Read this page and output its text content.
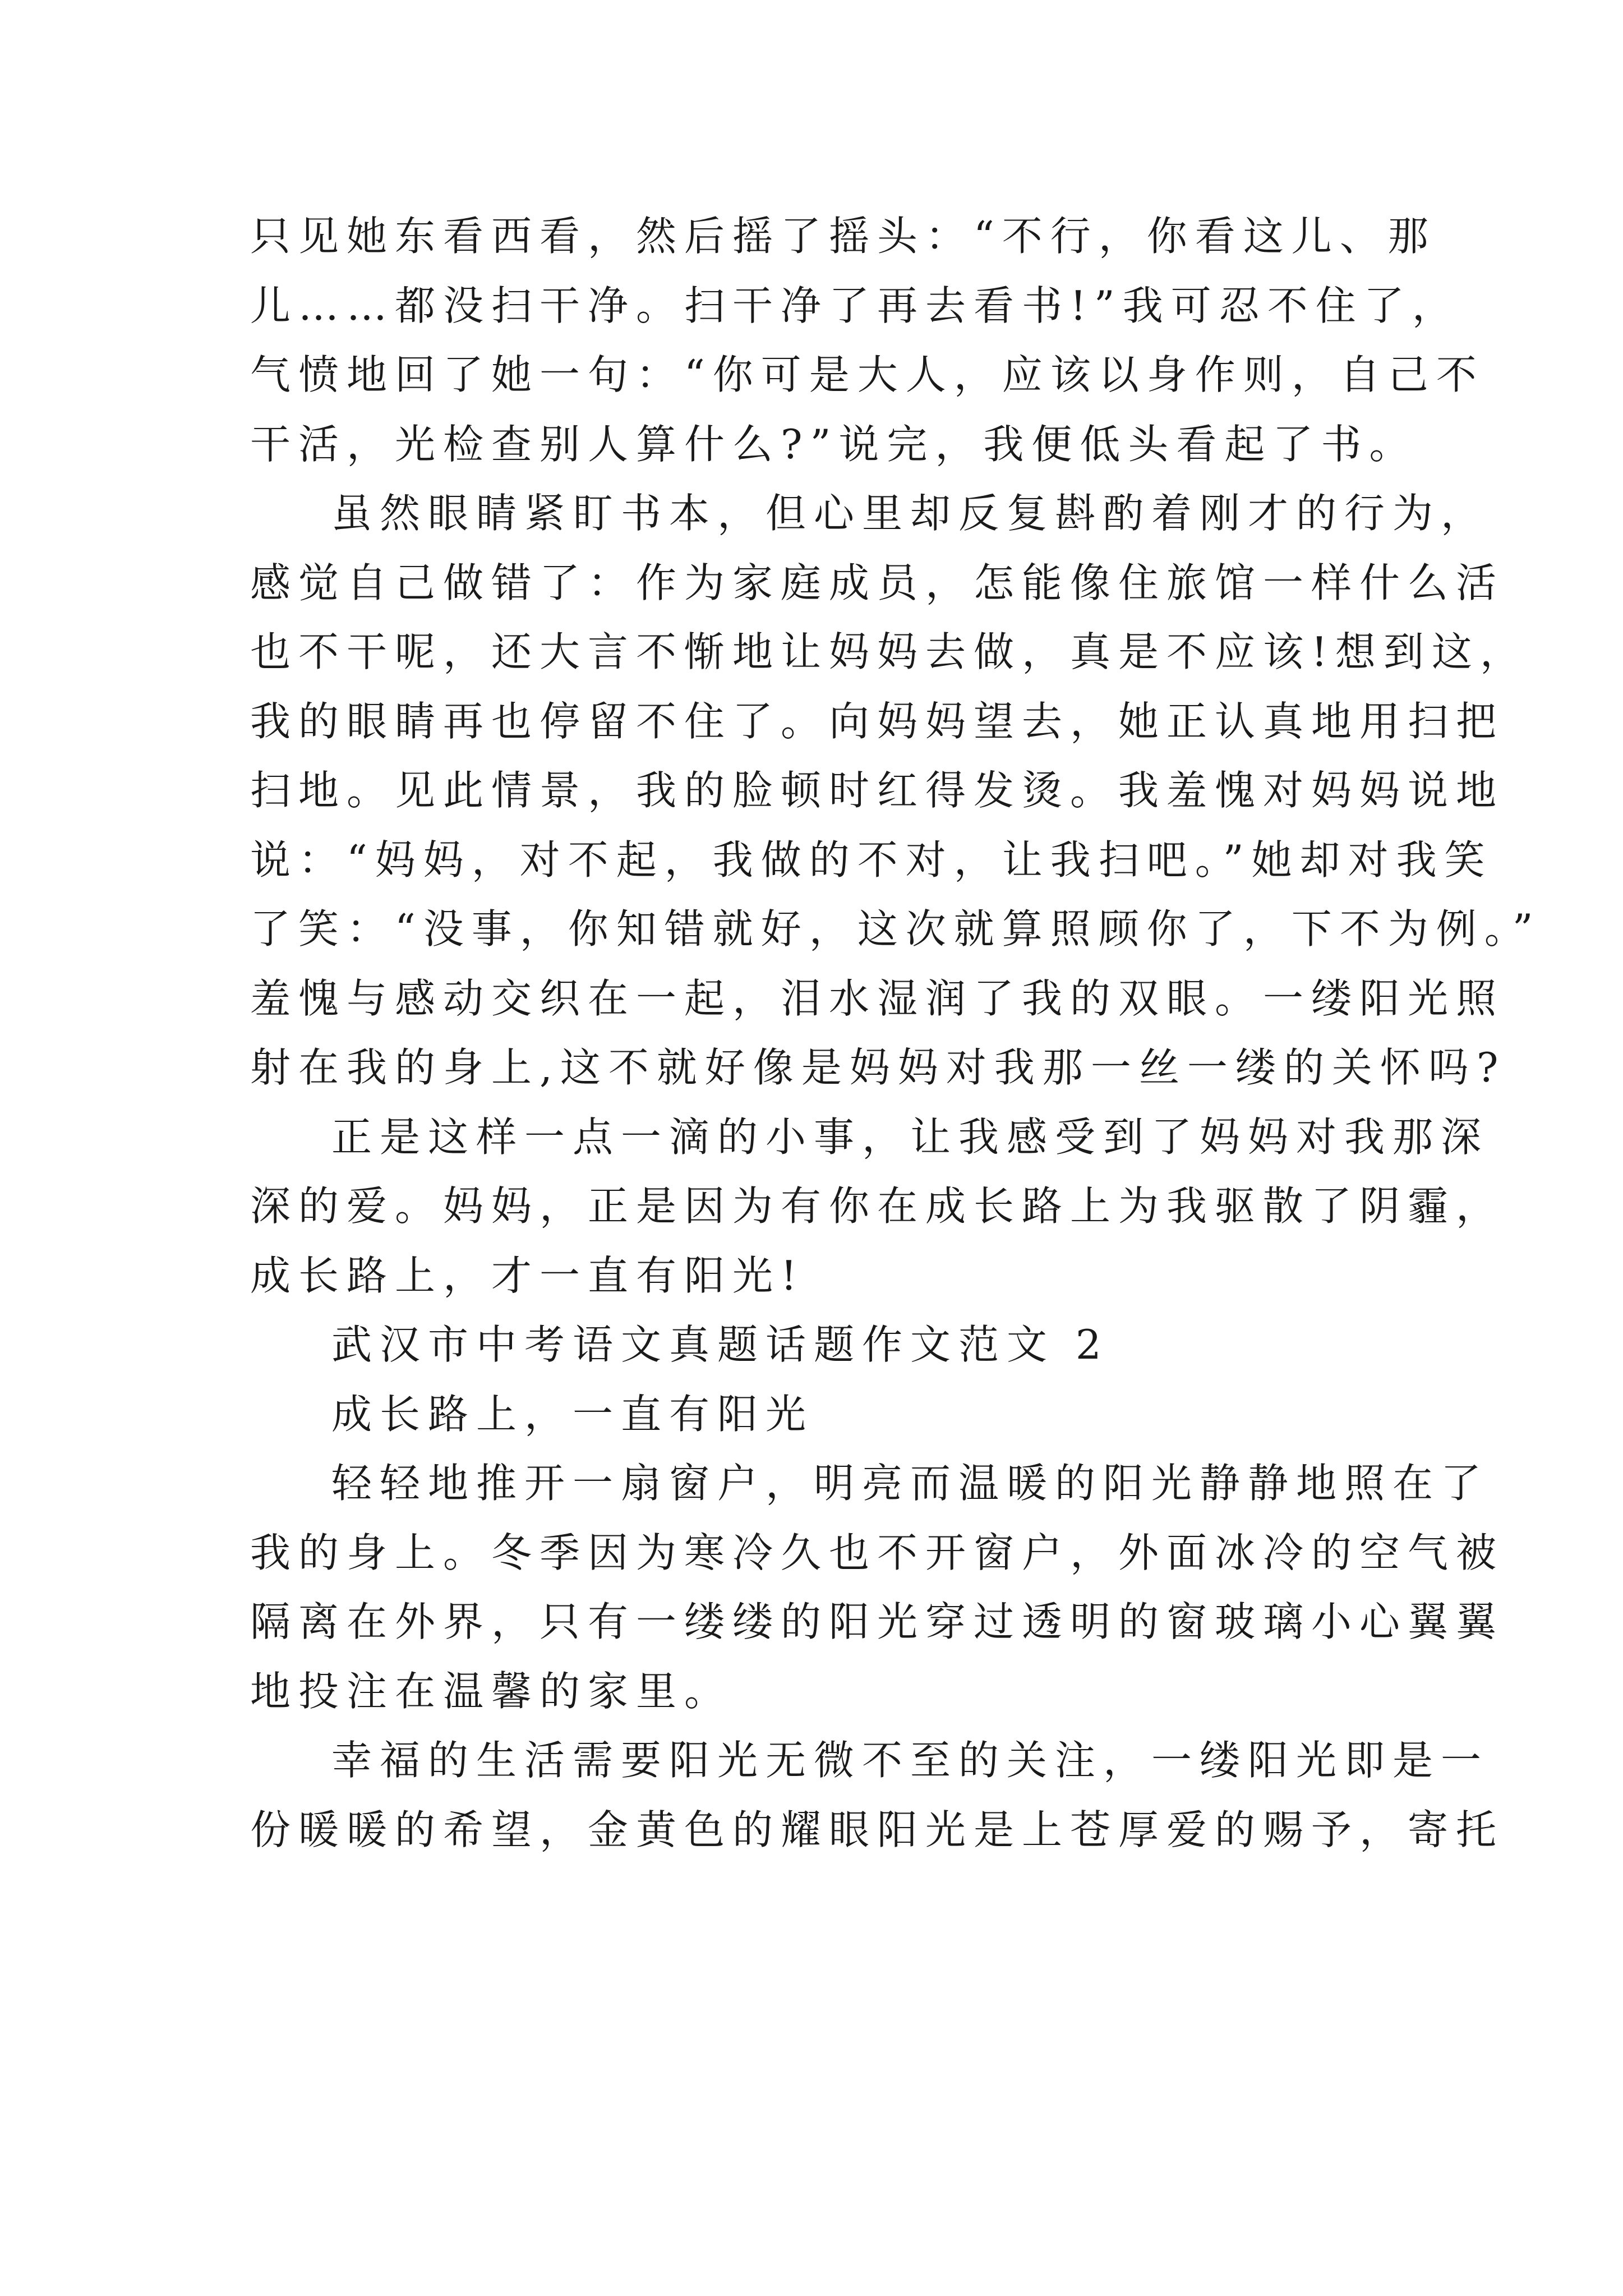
只见她东看西看，然后摇了摇头：“不行，你看这儿、那
儿……都没扫干净。扫干净了再去看书!”我可忍不住了，
气愤地回了她一句：“你可是大人，应该以身作则，自己不
干活，光检查别人算什么?”说完，我便低头看起了书。
虽然眼睛紧盯书本，但心里却反复斟酌着刚才的行为，
感觉自己做错了：作为家庭成员，怎能像住旅馆一样什么活
也不干呢，还大言不惭地让妈妈去做，真是不应该!想到这，
我的眼睛再也停留不住了。向妈妈望去，她正认真地用扫把
扫地。见此情景，我的脸顿时红得发烫。我羞愧对妈妈说地
说：“妈妈，对不起，我做的不对，让我扫吧。”她却对我笑
了笑：“没事，你知错就好，这次就算照顾你了，下不为例。”
羞愧与感动交织在一起，泪水湿润了我的双眼。一缕阳光照
射在我的身上,这不就好像是妈妈对我那一丝一缕的关怀吗?
正是这样一点一滴的小事，让我感受到了妈妈对我那深
深的爱。妈妈，正是因为有你在成长路上为我驱散了阴霾，
成长路上，才一直有阳光!
武汉市中考语文真题话题作文范文 2
成长路上，一直有阳光
轻轻地推开一扇窗户，明亮而温暖的阳光静静地照在了
我的身上。冬季因为寒冷久也不开窗户，外面冰冷的空气被
隔离在外界，只有一缕缕的阳光穿过透明的窗玻璃小心翼翼
地投注在温馨的家里。
幸福的生活需要阳光无微不至的关注，一缕阳光即是一
份暖暖的希望，金黄色的耀眼阳光是上苍厚爱的赐予，寄托
